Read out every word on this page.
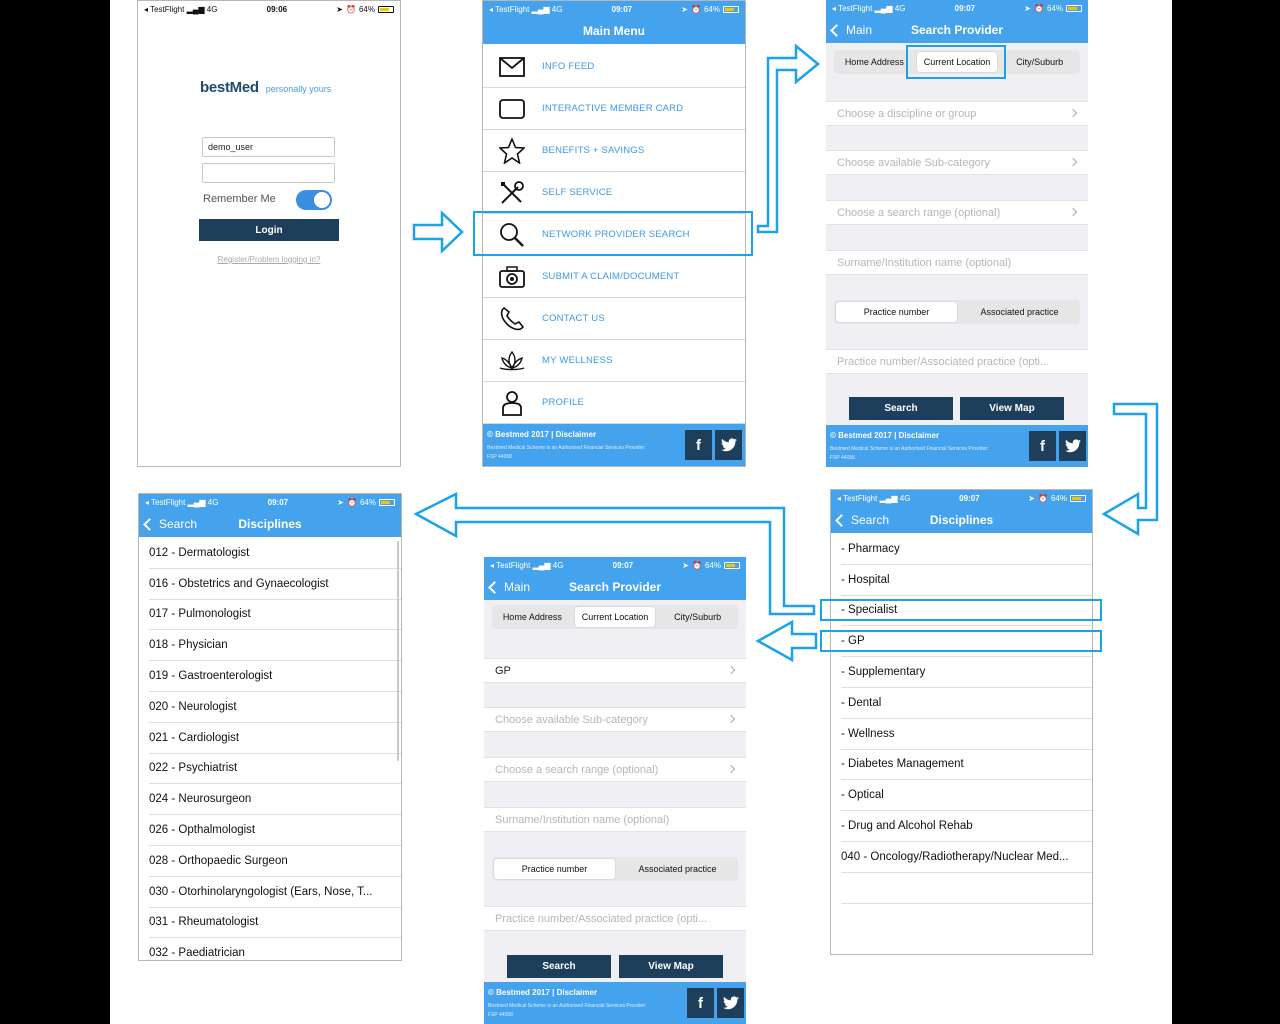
◂ TestFlight ▂▄▆ 4G	09:06	➤ ⏰ 64%
bestMed personally yours
demo_user
Remember Me
Login
Register/Problem logging in?
◂ TestFlight ▂▄▆ 4G	09:07	➤ ⏰ 64%
Main Menu
INFO FEED
INTERACTIVE MEMBER CARD
BENEFITS + SAVINGS
SELF SERVICE
NETWORK PROVIDER SEARCH
SUBMIT A CLAIM/DOCUMENT
CONTACT US
MY WELLNESS
PROFILE
© Bestmed 2017 | Disclaimer
Bestmed Medical Scheme is an Authorised Financial Services Provider: FSP 44058
f
◂ TestFlight ▂▄▆ 4G	09:07	➤ ⏰ 64%
Main	Search Provider
Home Address	Current Location	City/Suburb
Choose a discipline or group
Choose available Sub-category
Choose a search range (optional)
Surname/Institution name (optional)
Practice number	Associated practice
Practice number/Associated practice (opti...
Search	View Map
© Bestmed 2017 | Disclaimer
Bestmed Medical Scheme is an Authorised Financial Services Provider: FSP 44058
f
◂ TestFlight ▂▄▆ 4G	09:07	➤ ⏰ 64%
Search	Disciplines
- Pharmacy
- Hospital
- Specialist
- GP
- Supplementary
- Dental
- Wellness
- Diabetes Management
- Optical
- Drug and Alcohol Rehab
040 - Oncology/Radiotherapy/Nuclear Med...
◂ TestFlight ▂▄▆ 4G	09:07	➤ ⏰ 64%
Main	Search Provider
Home Address	Current Location	City/Suburb
GP
Choose available Sub-category
Choose a search range (optional)
Surname/Institution name (optional)
Practice number	Associated practice
Practice number/Associated practice (opti...
Search	View Map
© Bestmed 2017 | Disclaimer
Bestmed Medical Scheme is an Authorised Financial Services Provider: FSP 44058
f
◂ TestFlight ▂▄▆ 4G	09:07	➤ ⏰ 64%
Search	Disciplines
012 - Dermatologist
016 - Obstetrics and Gynaecologist
017 - Pulmonologist
018 - Physician
019 - Gastroenterologist
020 - Neurologist
021 - Cardiologist
022 - Psychiatrist
024 - Neurosurgeon
026 - Opthalmologist
028 - Orthopaedic Surgeon
030 - Otorhinolaryngologist (Ears, Nose, T...
031 - Rheumatologist
032 - Paediatrician
